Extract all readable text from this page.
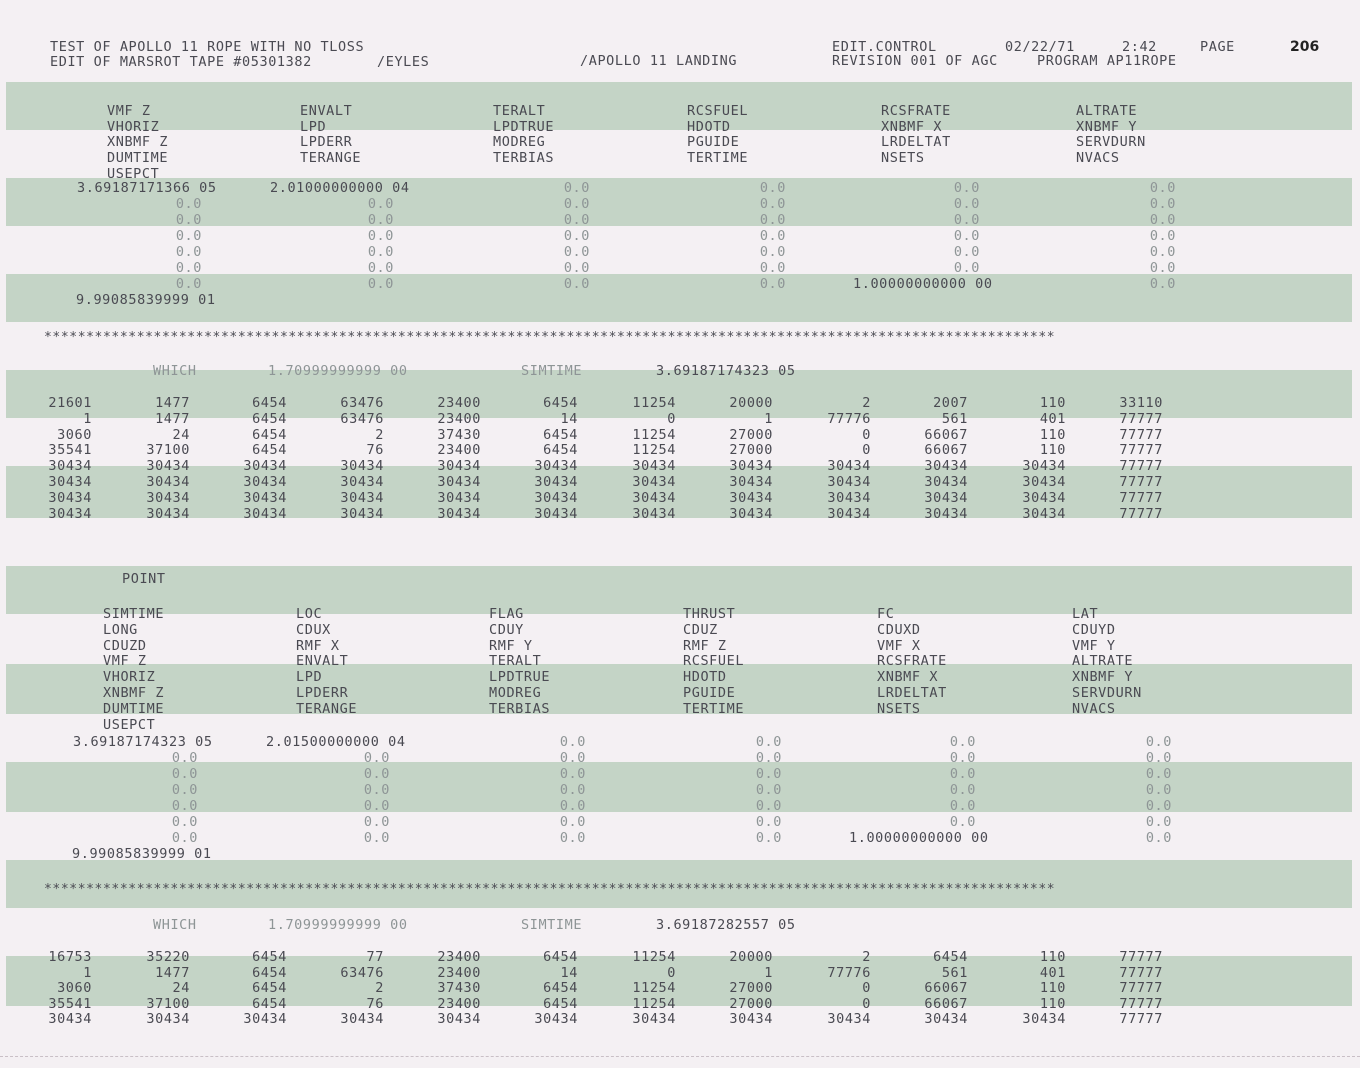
TEST OF APOLLO 11 ROPE WITH NO TLOSS
EDIT OF MARSROT TAPE #05301382	/EYLES	/APOLLO 11 LANDING
EDIT.CONTROL
REVISION 001 OF AGC
02/22/71	2:42
PROGRAM AP11ROPE
PAGE	206
VMF Z	ENVALT	TERALT	RCSFUEL	RCSFRATE	ALTRATE
VHORIZ	LPD	LPDTRUE	HDOTD	XNBMF X	XNBMF Y
XNBMF Z	LPDERR	MODREG	PGUIDE	LRDELTAT	SERVDURN
DUMTIME	TERANGE	TERBIAS	TERTIME	NSETS	NVACS
USEPCT
3.69187171366 05	2.01000000000 04	0.0	0.0	0.0	0.0
0.0	0.0	0.0	0.0	0.0	0.0
0.0	0.0	0.0	0.0	0.0	0.0
0.0	0.0	0.0	0.0	0.0	0.0
0.0	0.0	0.0	0.0	0.0	0.0
0.0	0.0	0.0	0.0	0.0	0.0
0.0	0.0	0.0	0.0	1.00000000000 00	0.0
9.99085839999 01
************************************************************************************************************************
WHICH	1.70999999999 00	SIMTIME	3.69187174323 05
21601	1477	6454	63476	23400	6454	11254	20000	2	2007	110	33110
1	1477	6454	63476	23400	14	0	1	77776	561	401	77777
3060	24	6454	2	37430	6454	11254	27000	0	66067	110	77777
35541	37100	6454	76	23400	6454	11254	27000	0	66067	110	77777
30434	30434	30434	30434	30434	30434	30434	30434	30434	30434	30434	77777
30434	30434	30434	30434	30434	30434	30434	30434	30434	30434	30434	77777
30434	30434	30434	30434	30434	30434	30434	30434	30434	30434	30434	77777
30434	30434	30434	30434	30434	30434	30434	30434	30434	30434	30434	77777
POINT
SIMTIME	LOC	FLAG	THRUST	FC	LAT
LONG	CDUX	CDUY	CDUZ	CDUXD	CDUYD
CDUZD	RMF X	RMF Y	RMF Z	VMF X	VMF Y
VMF Z	ENVALT	TERALT	RCSFUEL	RCSFRATE	ALTRATE
VHORIZ	LPD	LPDTRUE	HDOTD	XNBMF X	XNBMF Y
XNBMF Z	LPDERR	MODREG	PGUIDE	LRDELTAT	SERVDURN
DUMTIME	TERANGE	TERBIAS	TERTIME	NSETS	NVACS
USEPCT
3.69187174323 05	2.01500000000 04	0.0	0.0	0.0	0.0
0.0	0.0	0.0	0.0	0.0	0.0
0.0	0.0	0.0	0.0	0.0	0.0
0.0	0.0	0.0	0.0	0.0	0.0
0.0	0.0	0.0	0.0	0.0	0.0
0.0	0.0	0.0	0.0	0.0	0.0
0.0	0.0	0.0	0.0	1.00000000000 00	0.0
9.99085839999 01
************************************************************************************************************************
WHICH	1.70999999999 00	SIMTIME	3.69187282557 05
16753	35220	6454	77	23400	6454	11254	20000	2	6454	110	77777
1	1477	6454	63476	23400	14	0	1	77776	561	401	77777
3060	24	6454	2	37430	6454	11254	27000	0	66067	110	77777
35541	37100	6454	76	23400	6454	11254	27000	0	66067	110	77777
30434	30434	30434	30434	30434	30434	30434	30434	30434	30434	30434	77777
